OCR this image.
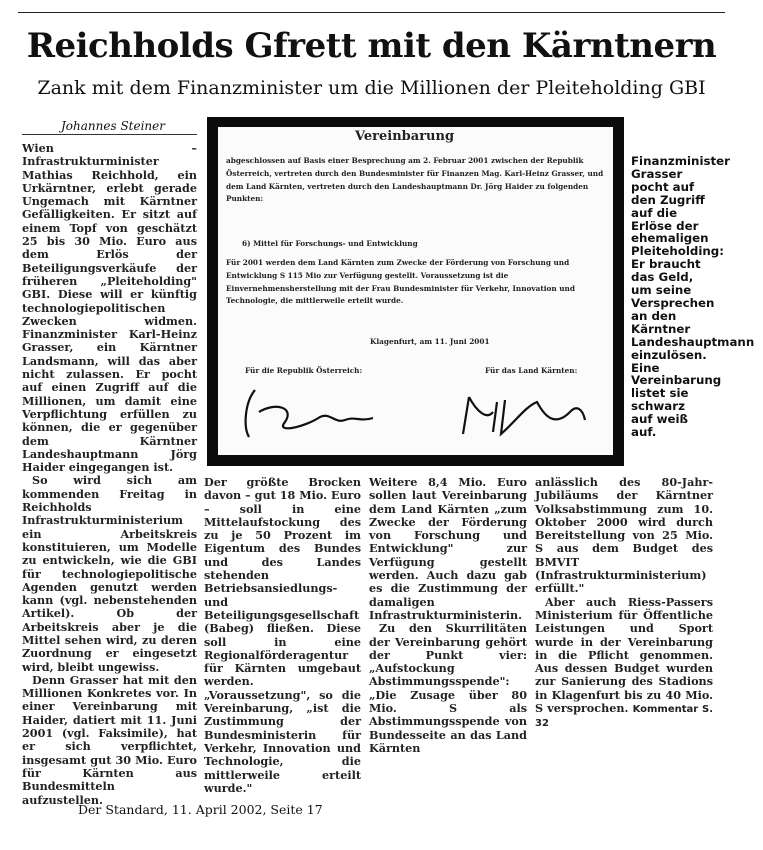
Reichholds Gfrett mit den Kärntnern
Zank mit dem Finanzminister um die Millionen der Pleiteholding GBI
Johannes Steiner

Wien – Infrastrukturminister Mathias Reichhold, ein Urkärntner, erlebt gerade Ungemach mit Kärntner Gefälligkeiten. Er sitzt auf einem Topf von geschätzt 25 bis 30 Mio. Euro aus dem Erlös der Beteiligungsverkäufe der früheren „Pleiteholding" GBI. Diese will er künftig technologiepolitischen Zwecken widmen. Finanzminister Karl-Heinz Grasser, ein Kärntner Landsmann, will das aber nicht zulassen. Er pocht auf einen Zugriff auf die Millionen, um damit eine Verpflichtung erfüllen zu können, die er gegenüber dem Kärntner Landeshauptmann Jörg Haider eingegangen ist.

So wird sich am kommenden Freitag in Reichholds Infrastrukturministerium ein Arbeitskreis konstituieren, um Modelle zu entwickeln, wie die GBI für technologiepolitische Agenden genutzt werden kann (vgl. nebenstehenden Artikel). Ob der Arbeitskreis aber je die Mittel sehen wird, zu deren Zuordnung er eingesetzt wird, bleibt ungewiss.

Denn Grasser hat mit den Millionen Konkretes vor. In einer Vereinbarung mit Haider, datiert mit 11. Juni 2001 (vgl. Faksimile), hat er sich verpflichtet, insgesamt gut 30 Mio. Euro für Kärnten aus Bundesmitteln aufzustellen.

Vereinbarung
abgeschlossen auf Basis einer Besprechung am 2. Februar 2001 zwischen der Republik Österreich, vertreten durch den Bundesminister für Finanzen Mag. Karl-Heinz Grasser, und dem Land Kärnten, vertreten durch den Landeshauptmann Dr. Jörg Haider zu folgenden Punkten:
6) Mittel für Forschungs- und Entwicklung
Für 2001 werden dem Land Kärnten zum Zwecke der Förderung von Forschung und Entwicklung S 115 Mio zur Verfügung gestellt. Voraussetzung ist die Einvernehmensherstellung mit der Frau Bundesminister für Verkehr, Innovation und Technologie, die mittlerweile erteilt wurde.
Klagenfurt, am 11. Juni 2001
Für die Republik Österreich:	Für das Land Kärnten:
Finanzminister Grasser pocht auf den Zugriff auf die Erlöse der ehemaligen Pleiteholding: Er braucht das Geld, um seine Versprechen an den Kärntner Landeshauptmann einzulösen. Eine Vereinbarung listet sie schwarz auf weiß auf.

Der größte Brocken davon – gut 18 Mio. Euro – soll in eine Mittelaufstockung des zu je 50 Prozent im Eigentum des Bundes und des Landes stehenden Betriebsansiedlungs- und Beteiligungsgesellschaft (Babeg) fließen. Diese soll in eine Regionalförderagentur für Kärnten umgebaut werden. „Voraussetzung", so die Vereinbarung, „ist die Zustimmung der Bundesministerin für Verkehr, Innovation und Technologie, die mittlerweile erteilt wurde."

Weitere 8,4 Mio. Euro sollen laut Vereinbarung dem Land Kärnten „zum Zwecke der Förderung von Forschung und Entwicklung" zur Verfügung gestellt werden. Auch dazu gab es die Zustimmung der damaligen Infrastrukturministerin.

Zu den Skurrilitäten der Vereinbarung gehört der Punkt vier: „Aufstockung Abstimmungsspende": „Die Zusage über 80 Mio. S als Abstimmungsspende von Bundesseite an das Land Kärnten

anlässlich des 80-Jahr-Jubiläums der Kärntner Volksabstimmung zum 10. Oktober 2000 wird durch Bereitstellung von 25 Mio. S aus dem Budget des BMVIT (Infrastrukturministerium) erfüllt."

Aber auch Riess-Passers Ministerium für Öffentliche Leistungen und Sport wurde in der Vereinbarung in die Pflicht genommen. Aus dessen Budget wurden zur Sanierung des Stadions in Klagenfurt bis zu 40 Mio. S versprochen. Kommentar S. 32

Der Standard, 11. April 2002, Seite 17
